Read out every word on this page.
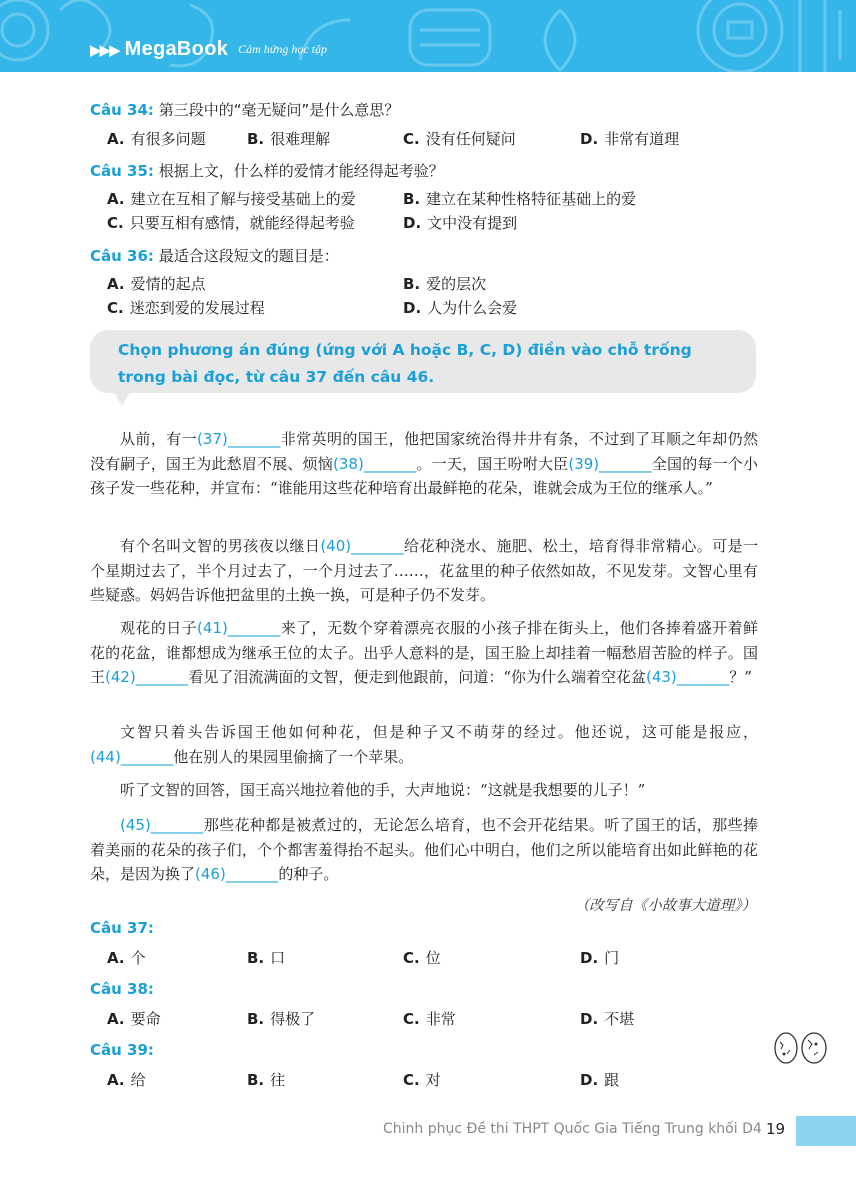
▶▶▶ MegaBook Cảm hứng học tập
Câu 34: 第三段中的“毫无疑问”是什么意思？
A. 有很多问题	B. 很难理解	C. 没有任何疑问	D. 非常有道理
Câu 35: 根据上文，什么样的爱情才能经得起考验？
A. 建立在互相了解与接受基础上的爱	B. 建立在某种性格特征基础上的爱
C. 只要互相有感情，就能经得起考验	D. 文中没有提到
Câu 36: 最适合这段短文的题目是：
A. 爱情的起点	B. 爱的层次
C. 迷恋到爱的发展过程	D. 人为什么会爱
Chọn phương án đúng (ứng với A hoặc B, C, D) điền vào chỗ trống trong bài đọc, từ câu 37 đến câu 46.
从前，有一(37)_______非常英明的国王，他把国家统治得井井有条，不过到了耳顺之年却仍然没有嗣子，国王为此愁眉不展、烦恼(38)_______。一天，国王吩咐大臣(39)_______全国的每一个小孩子发一些花种，并宣布：“谁能用这些花种培育出最鲜艳的花朵，谁就会成为王位的继承人。”
有个名叫文智的男孩夜以继日(40)_______给花种浇水、施肥、松土，培育得非常精心。可是一个星期过去了，半个月过去了，一个月过去了……，花盆里的种子依然如故，不见发芽。文智心里有些疑惑。妈妈告诉他把盆里的土换一换，可是种子仍不发芽。
观花的日子(41)_______来了，无数个穿着漂亮衣服的小孩子排在街头上，他们各捧着盛开着鲜花的花盆，谁都想成为继承王位的太子。出乎人意料的是，国王脸上却挂着一幅愁眉苦脸的样子。国王(42)_______看见了泪流满面的文智，便走到他跟前，问道：“你为什么端着空花盆(43)_______？”
文智只着头告诉国王他如何种花，但是种子又不萌芽的经过。他还说，这可能是报应，(44)_______他在别人的果园里偷摘了一个苹果。
听了文智的回答，国王高兴地拉着他的手，大声地说：“这就是我想要的儿子！”
(45)_______那些花种都是被煮过的，无论怎么培育，也不会开花结果。听了国王的话，那些捧着美丽的花朵的孩子们，个个都害羞得抬不起头。他们心中明白，他们之所以能培育出如此鲜艳的花朵，是因为换了(46)_______的种子。
（改写自《小故事大道理》）
Câu 37:
A. 个	B. 口	C. 位	D. 门
Câu 38:
A. 要命	B. 得极了	C. 非常	D. 不堪
Câu 39:
A. 给	B. 往	C. 对	D. 跟
Chinh phục Đề thi THPT Quốc Gia Tiếng Trung khối D4 19
